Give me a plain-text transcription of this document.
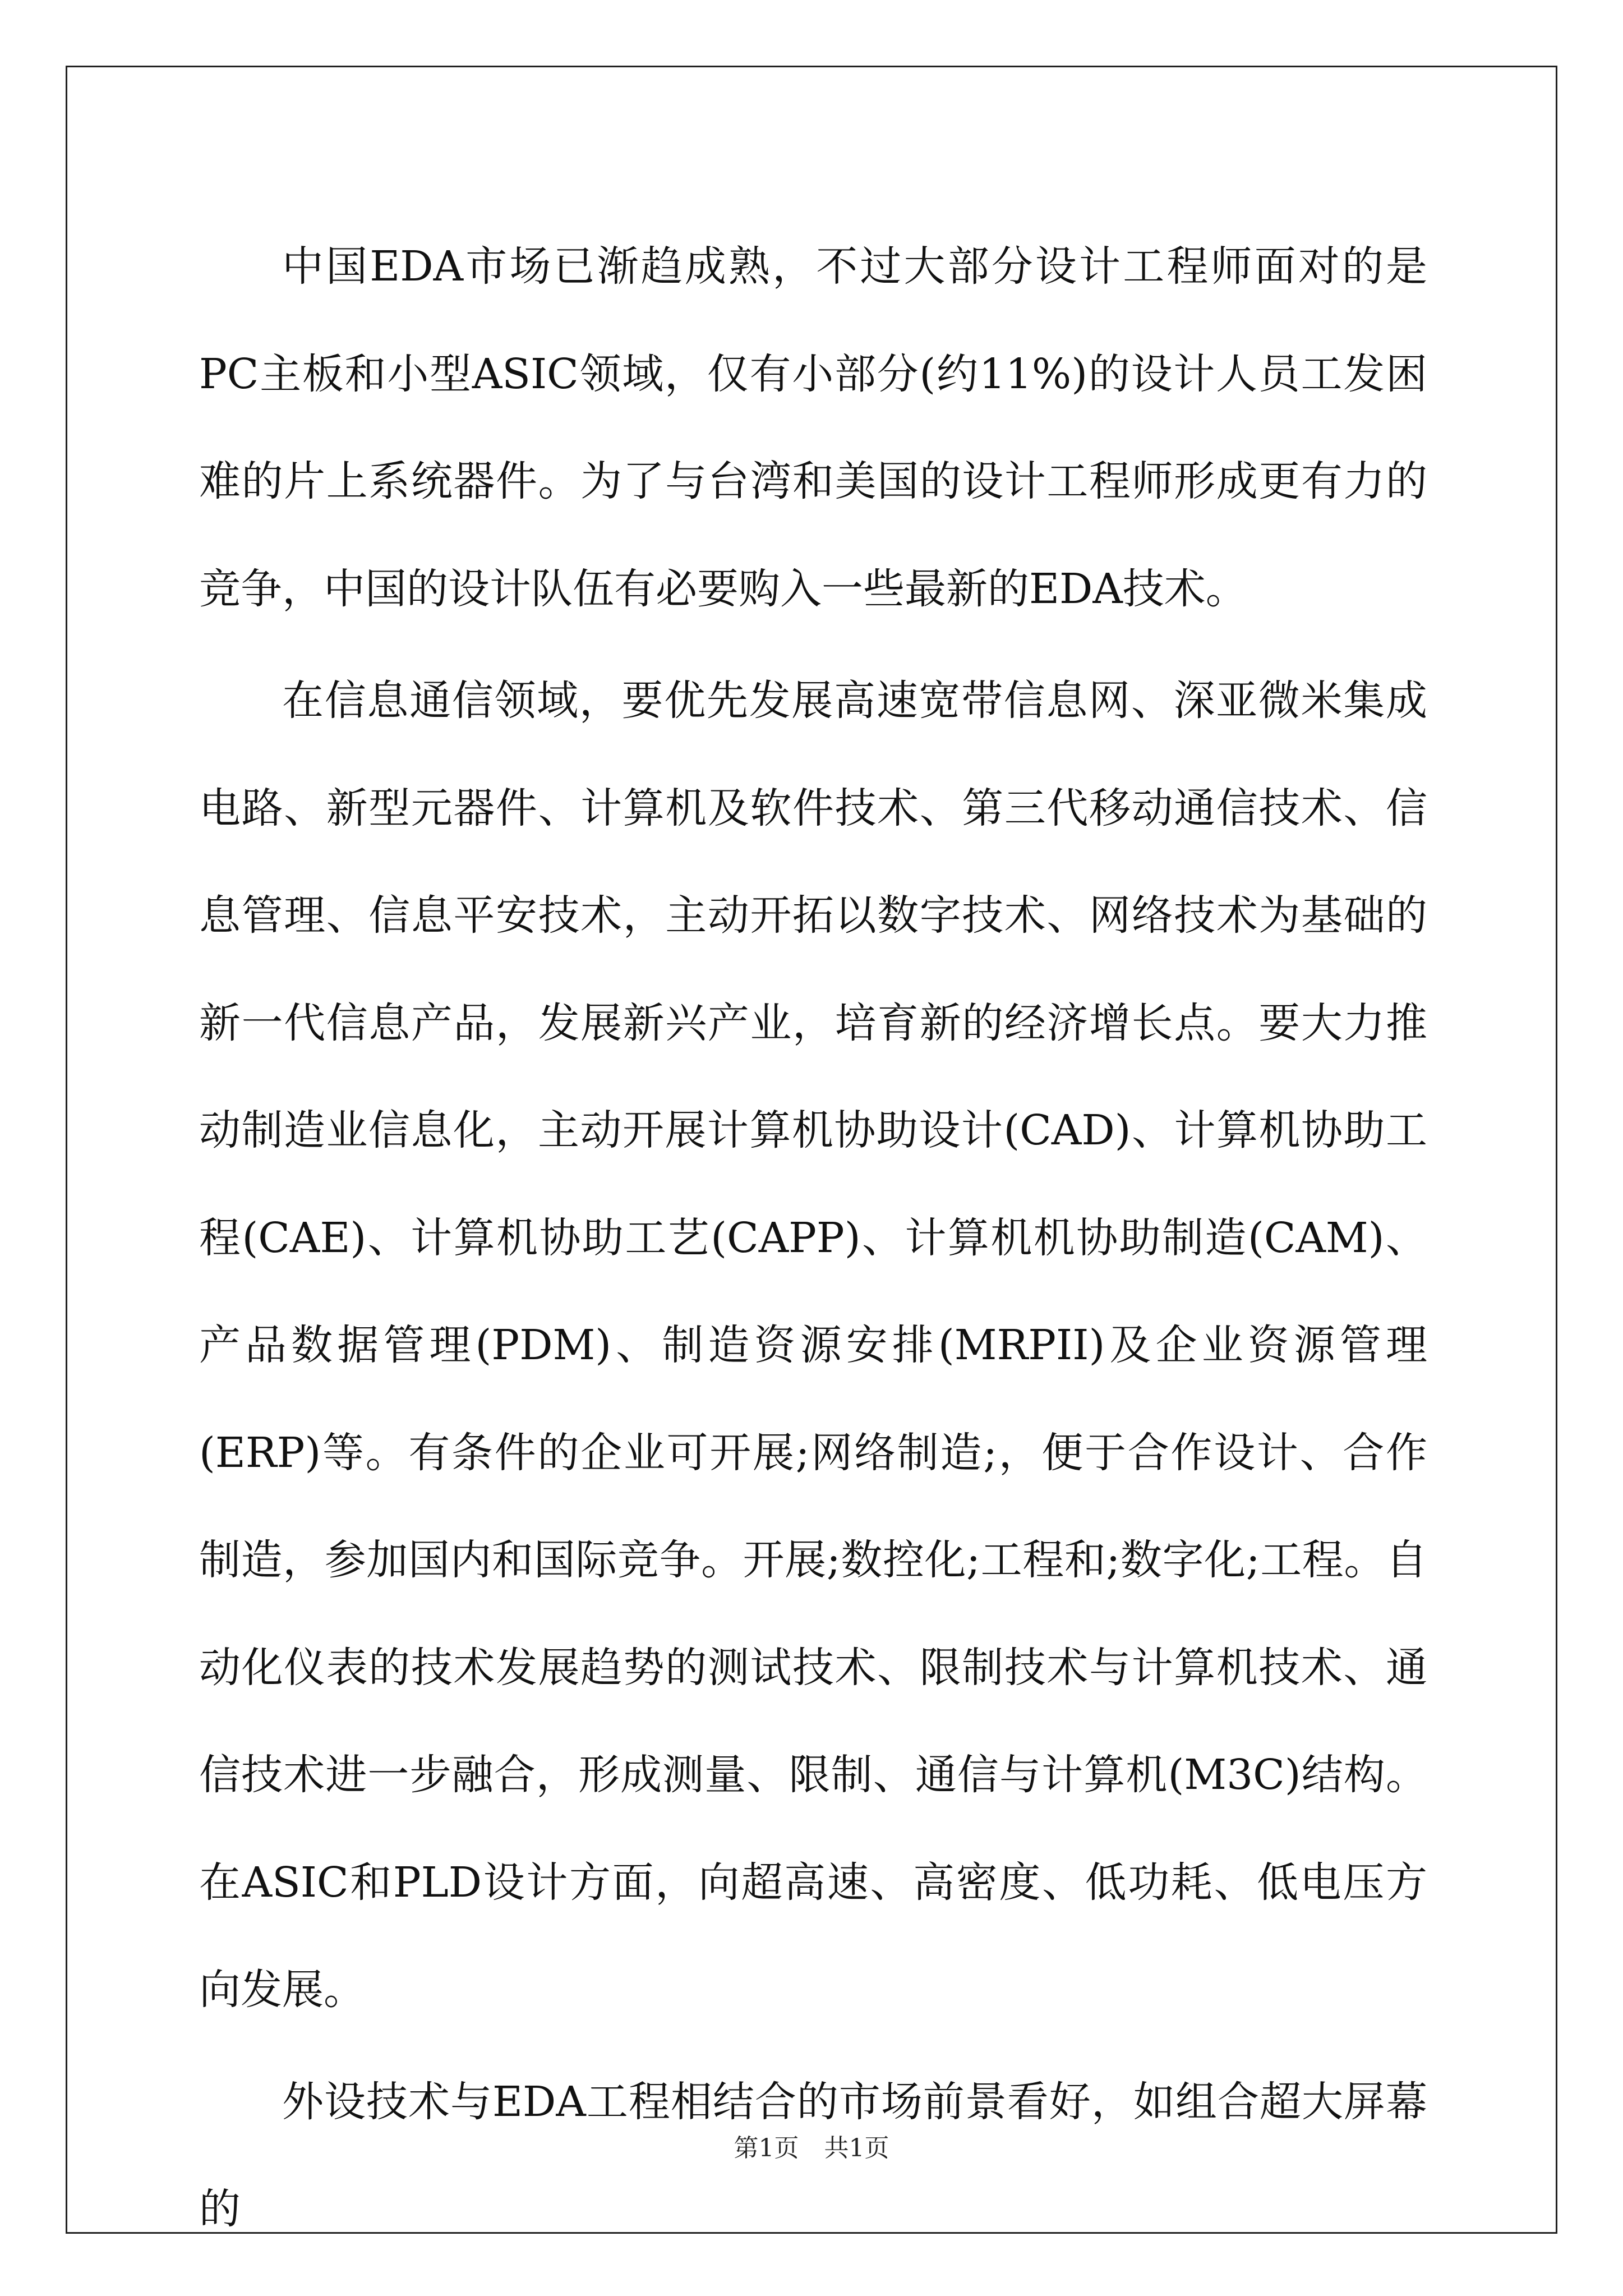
中国EDA市场已渐趋成熟，不过大部分设计工程师面对的是PC主板和小型ASIC领域，仅有小部分(约11%)的设计人员工发困难的片上系统器件。为了与台湾和美国的设计工程师形成更有力的竞争，中国的设计队伍有必要购入一些最新的EDA技术。

在信息通信领域，要优先发展高速宽带信息网、深亚微米集成电路、新型元器件、计算机及软件技术、第三代移动通信技术、信息管理、信息平安技术，主动开拓以数字技术、网络技术为基础的新一代信息产品，发展新兴产业，培育新的经济增长点。要大力推动制造业信息化，主动开展计算机协助设计(CAD)、计算机协助工程(CAE)、计算机协助工艺(CAPP)、计算机机协助制造(CAM)、产品数据管理(PDM)、制造资源安排(MRPII)及企业资源管理(ERP)等。有条件的企业可开展;网络制造;，便于合作设计、合作制造，参加国内和国际竞争。开展;数控化;工程和;数字化;工程。自动化仪表的技术发展趋势的测试技术、限制技术与计算机技术、通信技术进一步融合，形成测量、限制、通信与计算机(M3C)结构。在ASIC和PLD设计方面，向超高速、高密度、低功耗、低电压方向发展。

外设技术与EDA工程相结合的市场前景看好，如组合超大屏幕的

第1页 共1页
